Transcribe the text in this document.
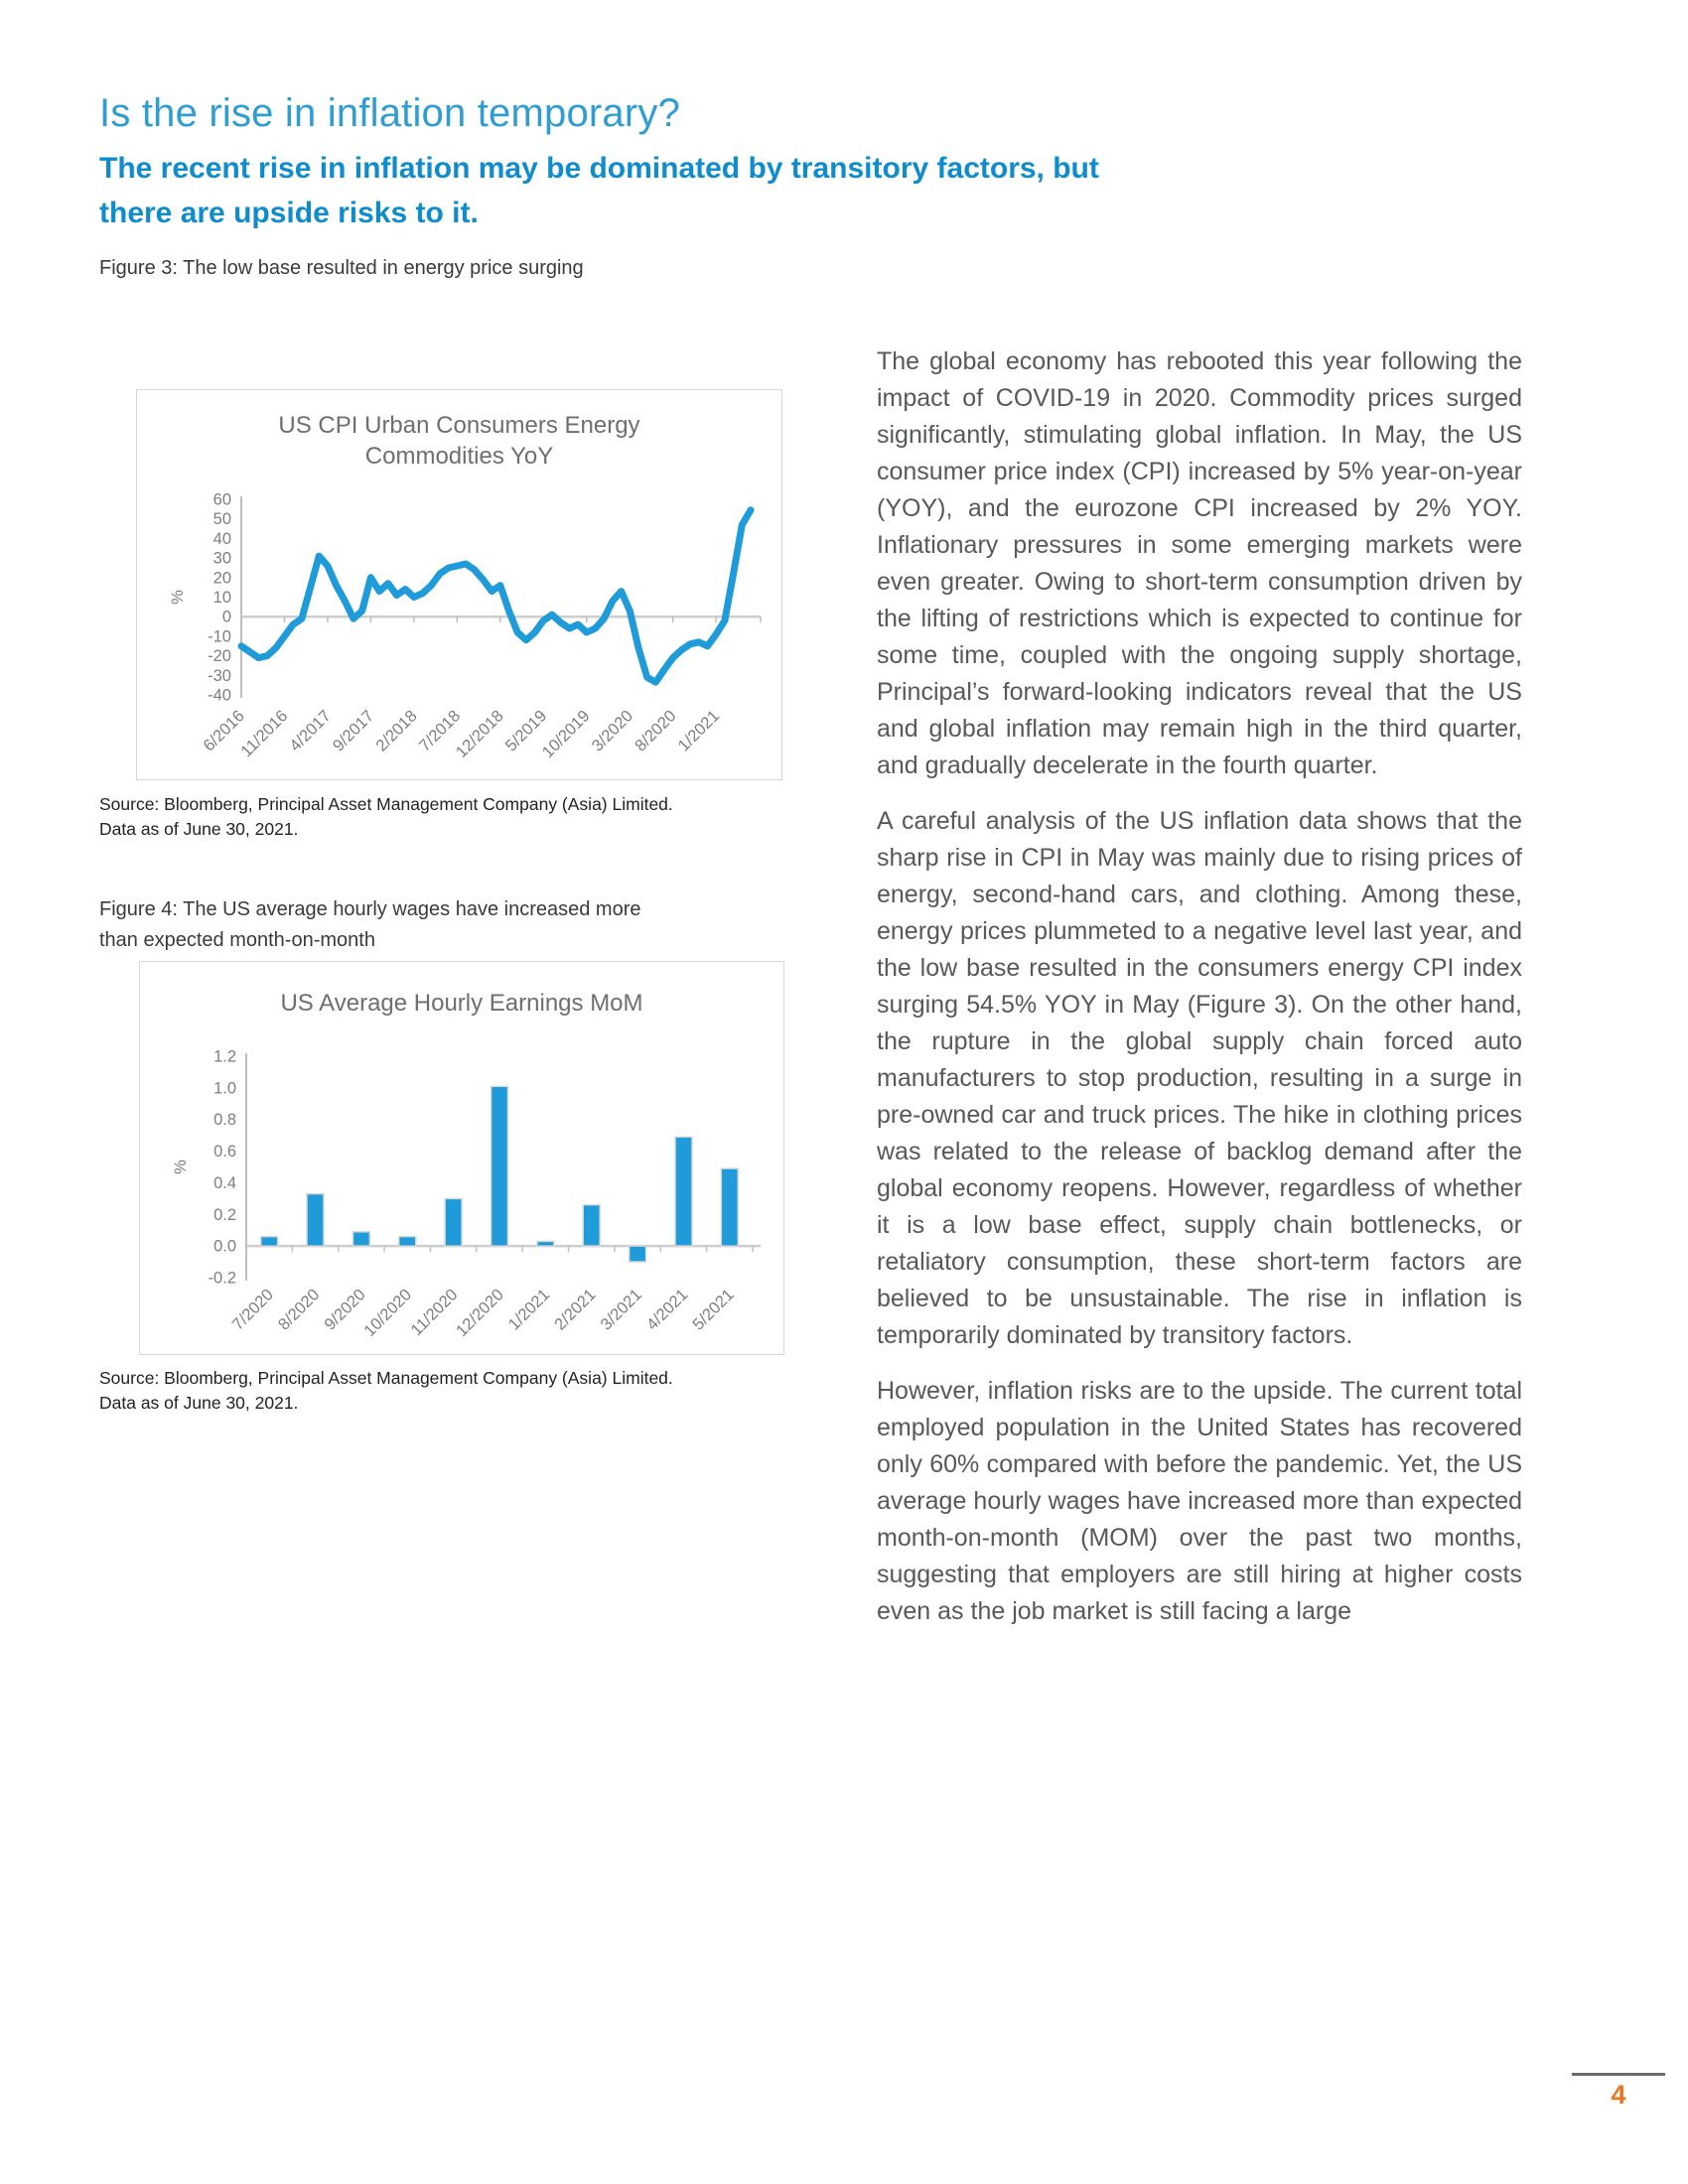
Is the rise in inflation temporary?
The recent rise in inflation may be dominated by transitory factors, but there are upside risks to it.
Figure 3: The low base resulted in energy price surging
US CPI Urban Consumers Energy Commodities YoY
60
50
40
30
20
10
0
-10
-20
-30
-40
%
6/2016
11/2016
4/2017
9/2017
2/2018
7/2018
12/2018
5/2019
10/2019
3/2020
8/2020
1/2021
Source: Bloomberg, Principal Asset Management Company (Asia) Limited.
Data as of June 30, 2021.
Figure 4: The US average hourly wages have increased more than expected month-on-month
US Average Hourly Earnings MoM
1.2
1.0
0.8
0.6
0.4
0.2
0.0
-0.2
%
7/2020
8/2020
9/2020
10/2020
11/2020
12/2020
1/2021
2/2021
3/2021
4/2021
5/2021
Source: Bloomberg, Principal Asset Management Company (Asia) Limited.
Data as of June 30, 2021.

The global economy has rebooted this year following the impact of COVID-19 in 2020. Commodity prices surged significantly, stimulating global inflation. In May, the US consumer price index (CPI) increased by 5% year-on-year (YOY), and the eurozone CPI increased by 2% YOY. Inflationary pressures in some emerging markets were even greater. Owing to short-term consumption driven by the lifting of restrictions which is expected to continue for some time, coupled with the ongoing supply shortage, Principal’s forward-looking indicators reveal that the US and global inflation may remain high in the third quarter, and gradually decelerate in the fourth quarter.

A careful analysis of the US inflation data shows that the sharp rise in CPI in May was mainly due to rising prices of energy, second-hand cars, and clothing. Among these, energy prices plummeted to a negative level last year, and the low base resulted in the consumers energy CPI index surging 54.5% YOY in May (Figure 3). On the other hand, the rupture in the global supply chain forced auto manufacturers to stop production, resulting in a surge in pre-owned car and truck prices. The hike in clothing prices was related to the release of backlog demand after the global economy reopens. However, regardless of whether it is a low base effect, supply chain bottlenecks, or retaliatory consumption, these short-term factors are believed to be unsustainable. The rise in inflation is temporarily dominated by transitory factors.

However, inflation risks are to the upside. The current total employed population in the United States has recovered only 60% compared with before the pandemic. Yet, the US average hourly wages have increased more than expected month-on-month (MOM) over the past two months, suggesting that employers are still hiring at higher costs even as the job market is still facing a large

4
